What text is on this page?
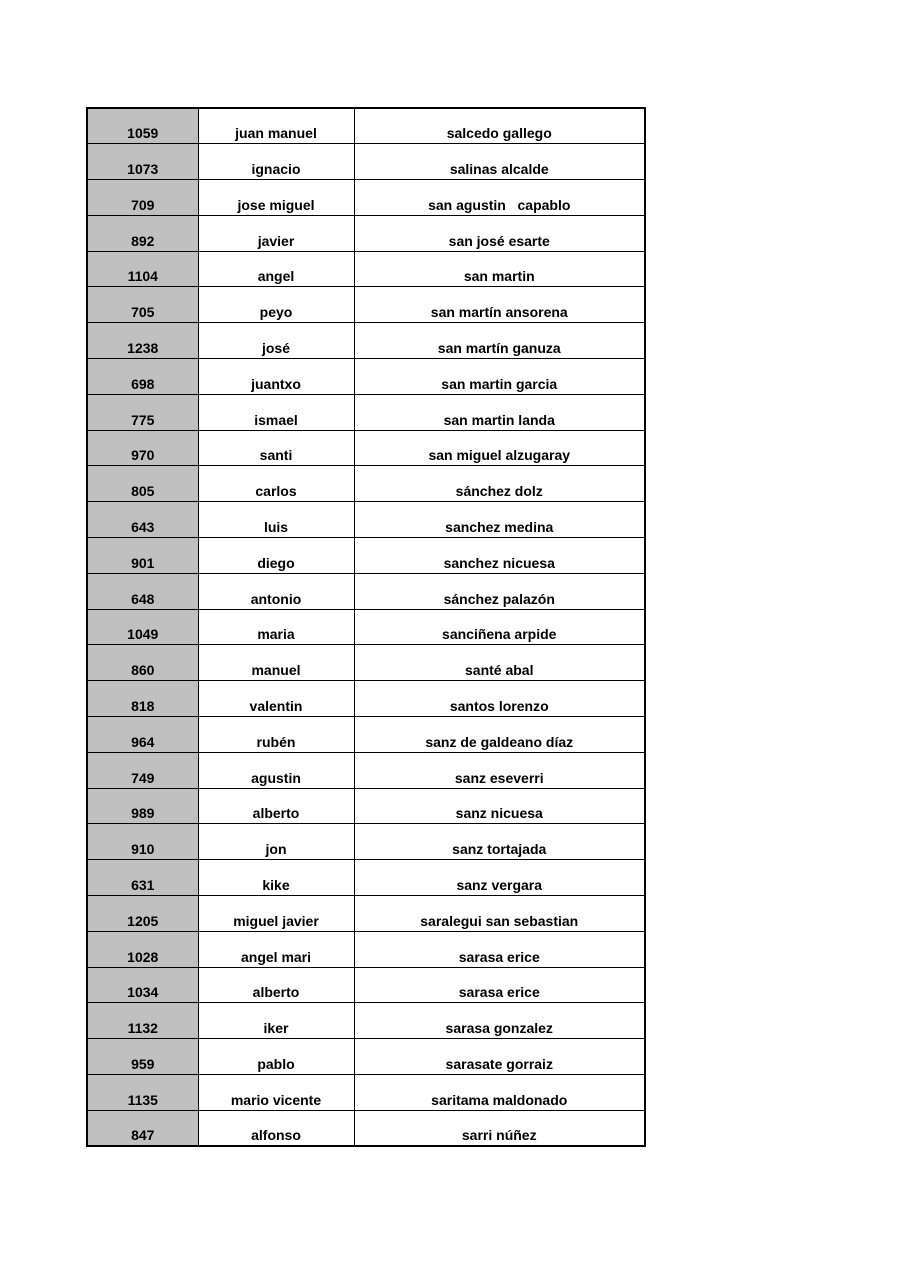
1059	juan manuel	salcedo gallego
1073	ignacio	salinas alcalde
709	jose miguel	san agustin   capablo
892	javier	san josé esarte
1104	angel	san martin
705	peyo	san martín ansorena
1238	josé	san martín ganuza
698	juantxo	san martin garcia
775	ismael	san martin landa
970	santi	san miguel alzugaray
805	carlos	sánchez dolz
643	luis	sanchez medina
901	diego	sanchez nicuesa
648	antonio	sánchez palazón
1049	maria	sanciñena arpide
860	manuel	santé abal
818	valentin	santos lorenzo
964	rubén	sanz de galdeano díaz
749	agustin	sanz eseverri
989	alberto	sanz nicuesa
910	jon	sanz tortajada
631	kike	sanz vergara
1205	miguel javier	saralegui san sebastian
1028	angel mari	sarasa erice
1034	alberto	sarasa erice
1132	iker	sarasa gonzalez
959	pablo	sarasate gorraiz
1135	mario vicente	saritama maldonado
847	alfonso	sarri núñez
